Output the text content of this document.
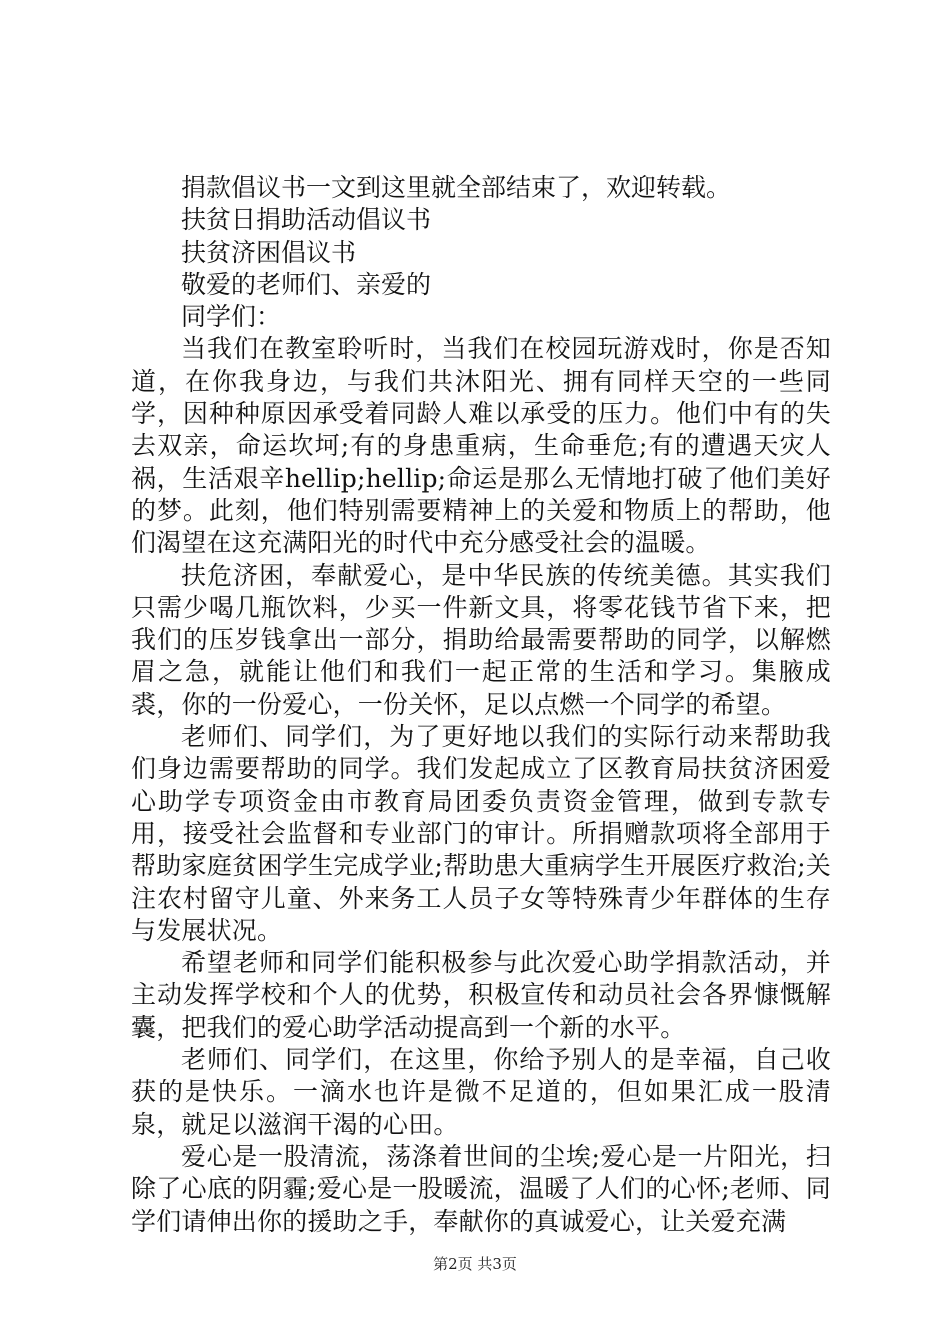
捐款倡议书一文到这里就全部结束了，欢迎转载。
扶贫日捐助活动倡议书
扶贫济困倡议书
敬爱的老师们、亲爱的
同学们：

当我们在教室聆听时，当我们在校园玩游戏时，你是否知道，在你我身边，与我们共沐阳光、拥有同样天空的一些同学，因种种原因承受着同龄人难以承受的压力。他们中有的失去双亲，命运坎坷;有的身患重病，生命垂危;有的遭遇天灾人祸，生活艰辛hellip;hellip;命运是那么无情地打破了他们美好的梦。此刻，他们特别需要精神上的关爱和物质上的帮助，他们渴望在这充满阳光的时代中充分感受社会的温暖。

扶危济困，奉献爱心，是中华民族的传统美德。其实我们只需少喝几瓶饮料，少买一件新文具，将零花钱节省下来，把我们的压岁钱拿出一部分，捐助给最需要帮助的同学，以解燃眉之急，就能让他们和我们一起正常的生活和学习。集腋成裘，你的一份爱心，一份关怀，足以点燃一个同学的希望。

老师们、同学们，为了更好地以我们的实际行动来帮助我们身边需要帮助的同学。我们发起成立了区教育局扶贫济困爱心助学专项资金由市教育局团委负责资金管理，做到专款专用，接受社会监督和专业部门的审计。所捐赠款项将全部用于帮助家庭贫困学生完成学业;帮助患大重病学生开展医疗救治;关注农村留守儿童、外来务工人员子女等特殊青少年群体的生存与发展状况。

希望老师和同学们能积极参与此次爱心助学捐款活动，并主动发挥学校和个人的优势，积极宣传和动员社会各界慷慨解囊，把我们的爱心助学活动提高到一个新的水平。

老师们、同学们，在这里，你给予别人的是幸福，自己收获的是快乐。一滴水也许是微不足道的，但如果汇成一股清泉，就足以滋润干渴的心田。

爱心是一股清流，荡涤着世间的尘埃;爱心是一片阳光，扫除了心底的阴霾;爱心是一股暖流，温暖了人们的心怀;老师、同学们请伸出你的援助之手，奉献你的真诚爱心，让关爱充满

第2页 共3页
